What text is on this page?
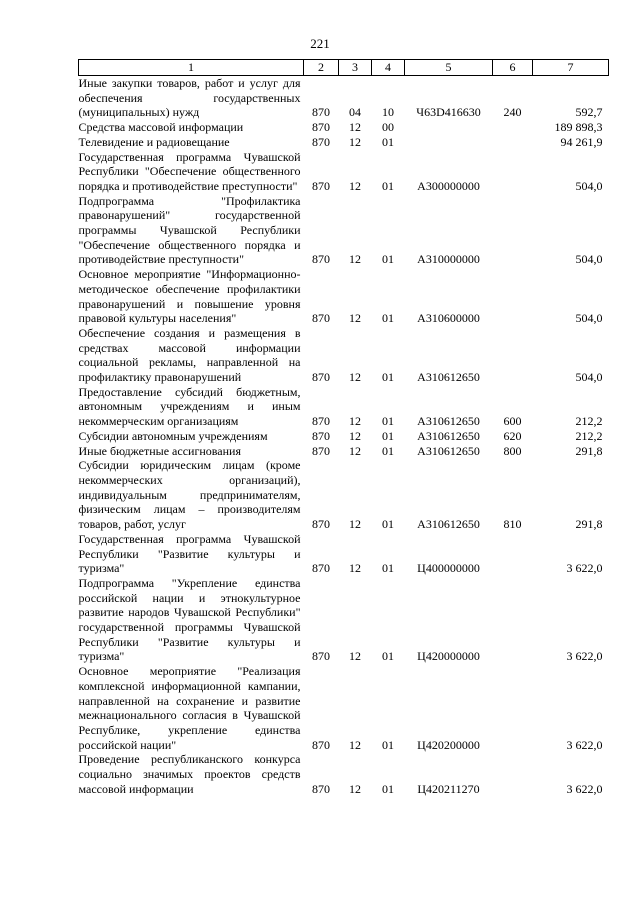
221
1	2	3	4	5	6	7
Иные закупки товаров, работ и услуг для обеспечения государственных (муниципальных) нужд	870	04	10	Ч63D416630	240	592,7
Средства массовой информации	870	12	00			189 898,3
Телевидение и радиовещание	870	12	01			94 261,9
Государственная программа Чувашской Республики "Обеспечение общественного порядка и противодействие преступности"	870	12	01	А300000000		504,0
Подпрограмма "Профилактика правонарушений" государственной программы Чувашской Республики "Обеспечение общественного порядка и противодействие преступности"	870	12	01	А310000000		504,0
Основное мероприятие "Информационно-методическое обеспечение профилактики правонарушений и повышение уровня правовой культуры населения"	870	12	01	А310600000		504,0
Обеспечение создания и размещения в средствах массовой информации социальной рекламы, направленной на профилактику правонарушений	870	12	01	А310612650		504,0
Предоставление субсидий бюджетным, автономным учреждениям и иным некоммерческим организациям	870	12	01	А310612650	600	212,2
Субсидии автономным учреждениям	870	12	01	А310612650	620	212,2
Иные бюджетные ассигнования	870	12	01	А310612650	800	291,8
Субсидии юридическим лицам (кроме некоммерческих организаций), индивидуальным предпринимателям, физическим лицам – производителям товаров, работ, услуг	870	12	01	А310612650	810	291,8
Государственная программа Чувашской Республики "Развитие культуры и туризма"	870	12	01	Ц400000000		3 622,0
Подпрограмма "Укрепление единства российской нации и этнокультурное развитие народов Чувашской Республики" государственной программы Чувашской Республики "Развитие культуры и туризма"	870	12	01	Ц420000000		3 622,0
Основное мероприятие "Реализация комплексной информационной кампании, направленной на сохранение и развитие межнационального согласия в Чувашской Республике, укрепление единства российской нации"	870	12	01	Ц420200000		3 622,0
Проведение республиканского конкурса социально значимых проектов средств массовой информации	870	12	01	Ц420211270		3 622,0
